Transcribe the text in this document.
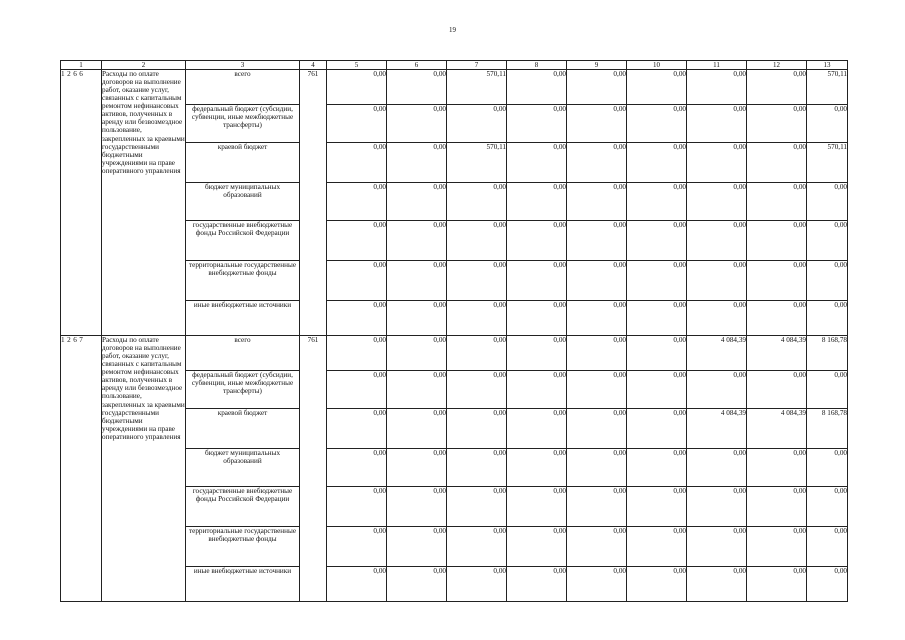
19
1	2	3	4	5	6	7	8	9	10	11	12	13
1266	Расходы по оплате договоров на выполнение работ, оказание услуг, связанных с капитальным ремонтом нефинансовых активов, полученных в аренду или безвозмездное пользование, закрепленных за краевыми государственными бюджетными учреждениями на праве оперативного управления	всего	761	0,00	0,00	570,11	0,00	0,00	0,00	0,00	0,00	570,11
		федеральный бюджет (субсидии, субвенции, иные межбюджетные трансферты)		0,00	0,00	0,00	0,00	0,00	0,00	0,00	0,00	0,00
		краевой бюджет		0,00	0,00	570,11	0,00	0,00	0,00	0,00	0,00	570,11
		бюджет муниципальных образований		0,00	0,00	0,00	0,00	0,00	0,00	0,00	0,00	0,00
		государственные внебюджетные фонды Российской Федерации		0,00	0,00	0,00	0,00	0,00	0,00	0,00	0,00	0,00
		территориальные государственные внебюджетные фонды		0,00	0,00	0,00	0,00	0,00	0,00	0,00	0,00	0,00
		иные внебюджетные источники		0,00	0,00	0,00	0,00	0,00	0,00	0,00	0,00	0,00
1267	Расходы по оплате договоров на выполнение работ, оказание услуг, связанных с капитальным ремонтом нефинансовых активов, полученных в аренду или безвозмездное пользование, закрепленных за краевыми государственными бюджетными учреждениями на праве оперативного управления	всего	761	0,00	0,00	0,00	0,00	0,00	0,00	4 084,39	4 084,39	8 168,78
		федеральный бюджет (субсидии, субвенции, иные межбюджетные трансферты)		0,00	0,00	0,00	0,00	0,00	0,00	0,00	0,00	0,00
		краевой бюджет		0,00	0,00	0,00	0,00	0,00	0,00	4 084,39	4 084,39	8 168,78
		бюджет муниципальных образований		0,00	0,00	0,00	0,00	0,00	0,00	0,00	0,00	0,00
		государственные внебюджетные фонды Российской Федерации		0,00	0,00	0,00	0,00	0,00	0,00	0,00	0,00	0,00
		территориальные государственные внебюджетные фонды		0,00	0,00	0,00	0,00	0,00	0,00	0,00	0,00	0,00
		иные внебюджетные источники		0,00	0,00	0,00	0,00	0,00	0,00	0,00	0,00	0,00
